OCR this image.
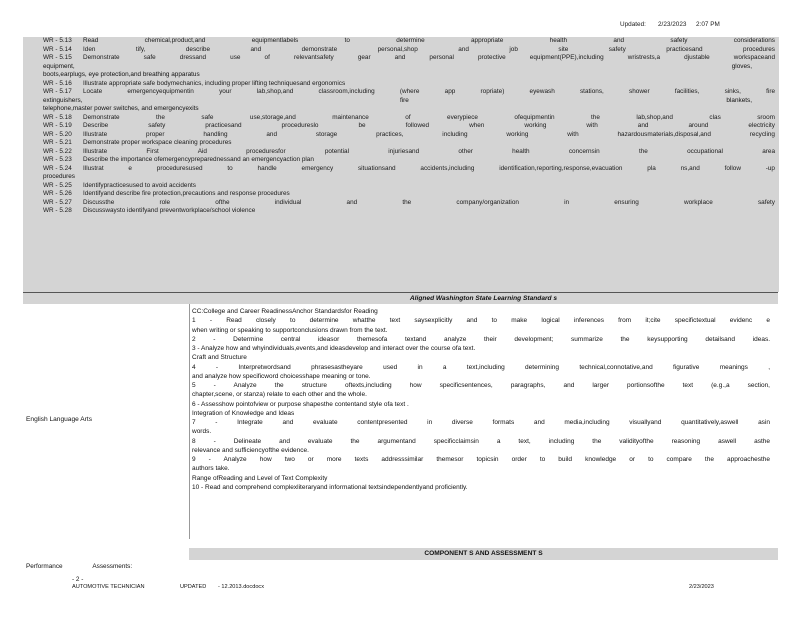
Updated: 2/23/2023 2:07 PM
WR - 5.13	Read chemical,product,and equipmentlabels to determine appropriate health and safety considerations
WR - 5.14	Iden tify, describe and demonstrate personal,shop and job site safety practicesand procedures
WR - 5.15	Demonstrate safe dressand use of relevantsafety gear and personal protective equipment(PPE),including wristrests,a djustable workspaceand
equipment, gloves,
boots,earplugs, eye protection,and breathing apparatus
WR - 5.16	Illustrate appropriate safe bodymechanics, including proper lifting techniquesand ergonomics
WR - 5.17	Locate emergencyequipmentin your lab,shop,and classroom,including (where app ropriate) eyewash stations, shower facilities, sinks, fire
extinguishers, fire blankets,
telephone,master power switches, and emergencyexits
WR - 5.18	Demonstrate the safe use,storage,and maintenance of everypiece ofequipmentin the lab,shop,and clas sroom
WR - 5.19	Describe safety practicesand procedureslo be followed when working with and around electricity
WR - 5.20	Illustrate proper handling and storage practices, including working with hazardousmaterials,disposal,and recycling
WR - 5.21	Demonstrate proper workspace cleaning procedures
WR - 5.22	Illustrate First Aid proceduresfor potential injuriesand other health concernsin the occupational area
WR - 5.23	Describe the importance ofemergencypreparednessand an emergencyaction plan
WR - 5.24	Illustrat e proceduresused to handle emergency situationsand accidents,including identification,reporting,response,evacuation pla ns,and follow -up
procedures
WR - 5.25	Identifypracticesused to avoid accidents
WR - 5.26	Identifyand describe fire protection,precautions and response procedures
WR - 5.27	Discussthe role ofthe individual and the company/organization in ensuring workplace safety
WR - 5.28	Discusswaysto identifyand preventworkplace/school violence
Aligned Washington State Learning Standard s
English Language Arts
CC:College and Career ReadinessAnchor Standardsfor Reading
1 - Read closely to determine whatthe text saysexplicitly and to make logical inferences from it;cite specifictextual evidenc e
when writing or speaking to supportconclusions drawn from the text.
2 - Determine central ideasor themesofa textand analyze their development; summarize the keysupporting detailsand ideas.
3 - Analyze how and whyindividuals,events,and ideasdevelop and interact over the course ofa text.
Craft and Structure
4 - Interpretwordsand phrasesastheyare used in a text,including determining technical,connotative,and figurative meanings ,
and analyze how specificword choicesshape meaning or tone.
5 - Analyze the structure oftexts,including how specificsentences, paragraphs, and larger portionsofthe text (e.g.,a section,
chapter,scene, or stanza) relate to each other and the whole.
6 - Assesshow pointofview or purpose shapesthe contentand style ofa text .
Integration of Knowledge and Ideas
7 - Integrate and evaluate contentpresented in diverse formats and media,including visuallyand quantitatively,aswell asin
words.
8 - Delineate and evaluate the argumentand specificclaimsin a text, including the validityofthe reasoning aswell asthe
relevance and sufficiencyofthe evidence.
9 - Analyze how two or more texts addresssimilar themesor topicsin order to build knowledge or to compare the approachesthe
authors take.
Range ofReading and Level of Text Complexity
10 - Read and comprehend complexliteraryand informational textsindependentlyand proficiently.
COMPONENT S AND ASSESSMENT S
Performance	Assessments:
- 2 -
AUTOMOTIVE TECHNICIAN	UPDATED - 12.2013.docdocx	2/23/2023
